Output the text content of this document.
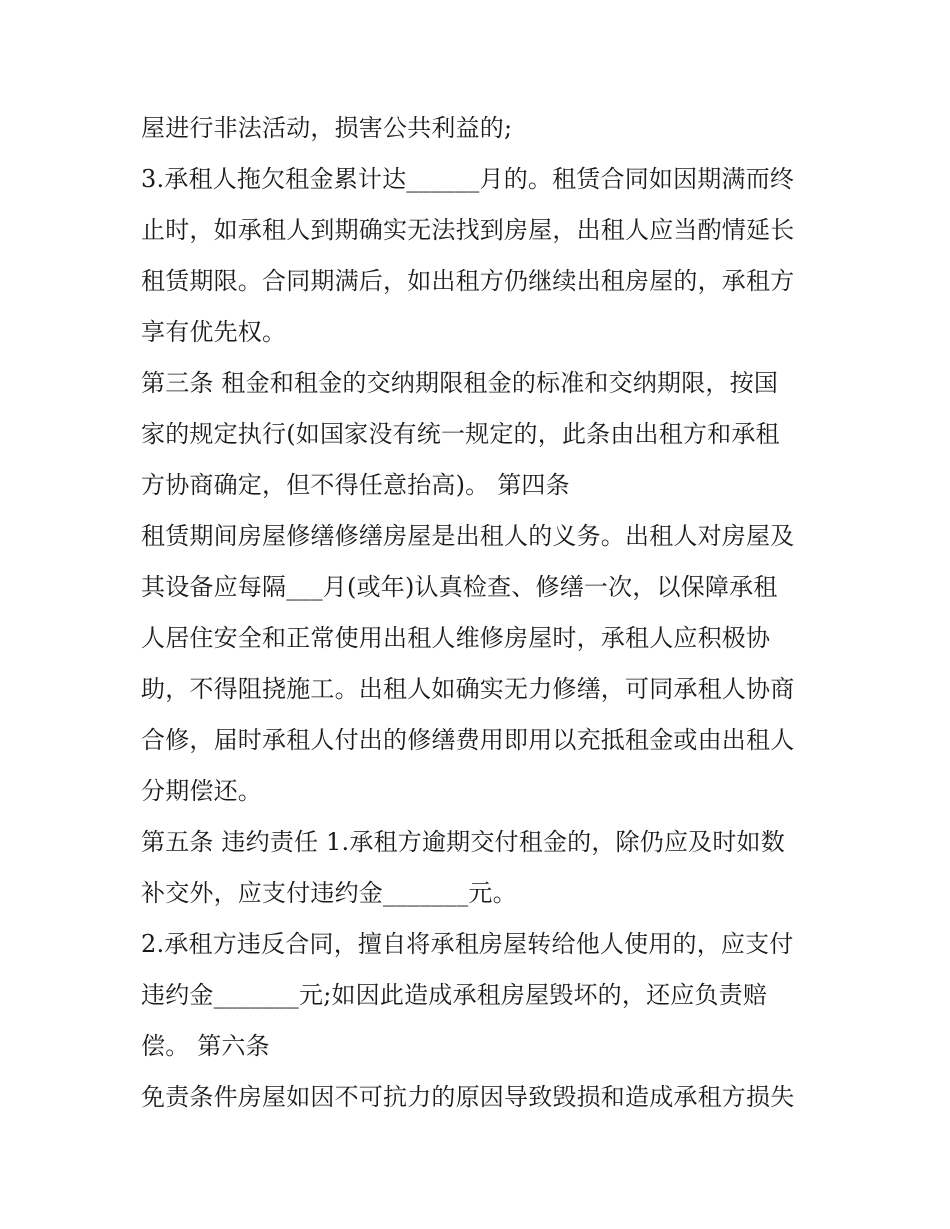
屋进行非法活动，损害公共利益的;
3.承租人拖欠租金累计达______月的。租赁合同如因期满而终
止时，如承租人到期确实无法找到房屋，出租人应当酌情延长
租赁期限。合同期满后，如出租方仍继续出租房屋的，承租方
享有优先权。
第三条 租金和租金的交纳期限租金的标准和交纳期限，按国
家的规定执行(如国家没有统一规定的，此条由出租方和承租
方协商确定，但不得任意抬高)。 第四条
租赁期间房屋修缮修缮房屋是出租人的义务。出租人对房屋及
其设备应每隔___月(或年)认真检查、修缮一次，以保障承租
人居住安全和正常使用出租人维修房屋时，承租人应积极协
助，不得阻挠施工。出租人如确实无力修缮，可同承租人协商
合修，届时承租人付出的修缮费用即用以充抵租金或由出租人
分期偿还。
第五条 违约责任 1.承租方逾期交付租金的，除仍应及时如数
补交外，应支付违约金_______元。
2.承租方违反合同，擅自将承租房屋转给他人使用的，应支付
违约金_______元;如因此造成承租房屋毁坏的，还应负责赔
偿。 第六条
免责条件房屋如因不可抗力的原因导致毁损和造成承租方损失
